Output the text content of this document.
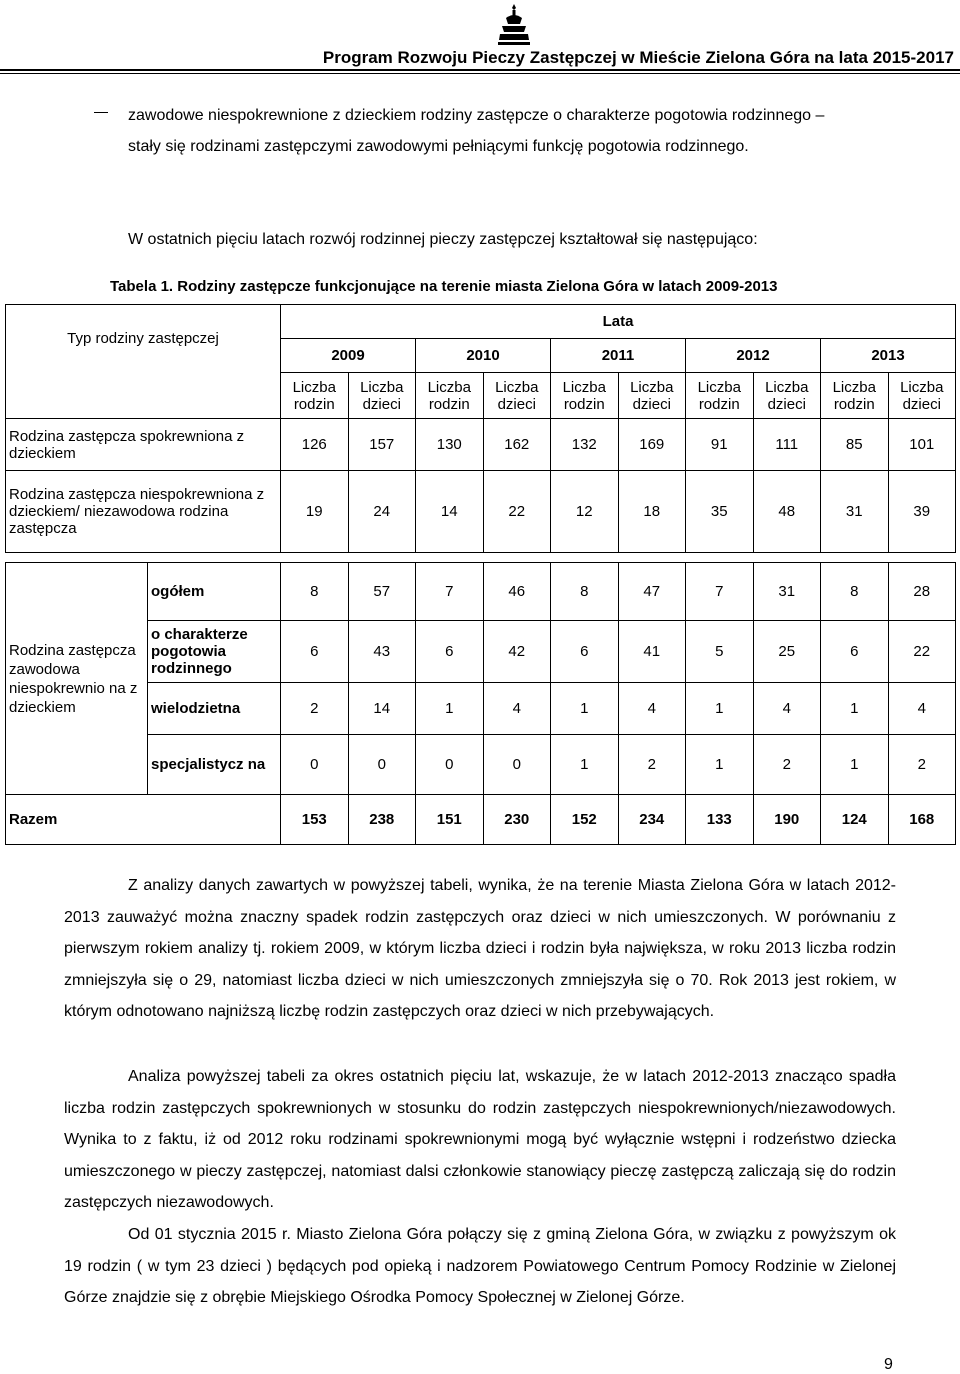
Program Rozwoju Pieczy Zastępczej w Mieście Zielona Góra na lata 2015-2017
zawodowe niespokrewnione z dzieckiem rodziny zastępcze o charakterze pogotowia rodzinnego – stały się rodzinami zastępczymi zawodowymi pełniącymi funkcję pogotowia rodzinnego.
W ostatnich pięciu latach rozwój rodzinnej pieczy zastępczej kształtował się następująco:
Tabela 1. Rodziny zastępcze funkcjonujące na terenie miasta Zielona Góra w latach 2009-2013
Typ rodziny zastępczej		Lata									
		2009		2010		2011		2012		2013	
		Liczba rodzin	Liczba dzieci	Liczba rodzin	Liczba dzieci	Liczba rodzin	Liczba dzieci	Liczba rodzin	Liczba dzieci	Liczba rodzin	Liczba dzieci
Rodzina zastępcza spokrewniona z dzieckiem		126	157	130	162	132	169	91	111	85	101
Rodzina zastępcza niespokrewniona z dzieckiem/ niezawodowa rodzina zastępcza		19	24	14	22	12	18	35	48	31	39

Rodzina zastępcza zawodowa niespokrewnio na z dzieckiem	ogółem	8	57	7	46	8	47	7	31	8	28
	o charakterze pogotowia rodzinnego	6	43	6	42	6	41	5	25	6	22
	wielodzietna	2	14	1	4	1	4	1	4	1	4
	specjalistycz na	0	0	0	0	1	2	1	2	1	2
Razem		153	238	151	230	152	234	133	190	124	168
Z analizy danych zawartych w powyższej tabeli, wynika, że na terenie Miasta Zielona Góra w latach 2012-2013 zauważyć można znaczny spadek rodzin zastępczych oraz dzieci w nich umieszczonych. W porównaniu z pierwszym rokiem analizy tj. rokiem 2009, w którym liczba dzieci i rodzin była największa, w roku 2013 liczba rodzin zmniejszyła się o 29, natomiast liczba dzieci w nich umieszczonych zmniejszyła się o 70. Rok 2013 jest rokiem, w którym odnotowano najniższą liczbę rodzin zastępczych oraz dzieci w nich przebywających.
Analiza powyższej tabeli za okres ostatnich pięciu lat, wskazuje, że w latach 2012-2013 znacząco spadła liczba rodzin zastępczych spokrewnionych w stosunku do rodzin zastępczych niespokrewnionych/niezawodowych. Wynika to z faktu, iż od 2012 roku rodzinami spokrewnionymi mogą być wyłącznie wstępni i rodzeństwo dziecka umieszczonego w pieczy zastępczej, natomiast dalsi członkowie stanowiący pieczę zastępczą zaliczają się do rodzin zastępczych niezawodowych.
Od 01 stycznia 2015 r. Miasto Zielona Góra połączy się z gminą Zielona Góra, w związku z powyższym ok 19 rodzin ( w tym 23 dzieci ) będących pod opieką i nadzorem Powiatowego Centrum Pomocy Rodzinie w Zielonej Górze znajdzie się z obrębie Miejskiego Ośrodka Pomocy Społecznej w Zielonej Górze.
9
